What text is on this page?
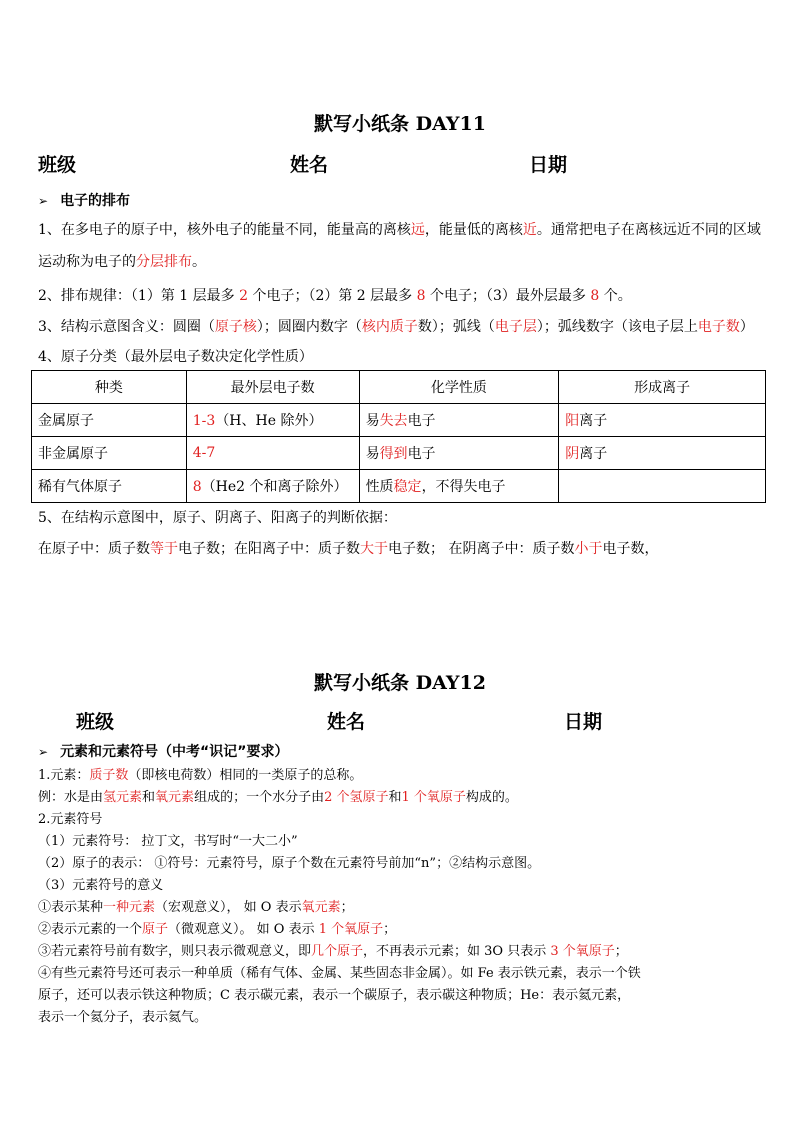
默写小纸条 DAY11
班级	姓名	日期
➢ 电子的排布
1、在多电子的原子中，核外电子的能量不同，能量高的离核远，能量低的离核近。通常把电子在离核远近不同的区域
运动称为电子的分层排布。
2、排布规律：（1）第 1 层最多 2 个电子；（2）第 2 层最多 8 个电子；（3）最外层最多 8 个。
3、结构示意图含义：圆圈（原子核）；圆圈内数字（核内质子数）；弧线（电子层）；弧线数字（该电子层上电子数）
4、原子分类（最外层电子数决定化学性质）
种类	最外层电子数	化学性质	形成离子
金属原子	1-3（H、He 除外）	易失去电子	阳离子
非金属原子	4-7	易得到电子	阴离子
稀有气体原子	8（He2 个和离子除外）	性质稳定，不得失电子	
5、在结构示意图中，原子、阴离子、阳离子的判断依据：
在原子中：质子数等于电子数；在阳离子中：质子数大于电子数； 在阴离子中：质子数小于电子数，
默写小纸条 DAY12
班级	姓名	日期
➢ 元素和元素符号（中考“识记”要求）
1.元素：质子数（即核电荷数）相同的一类原子的总称。
例：水是由氢元素和氧元素组成的；一个水分子由2 个氢原子和1 个氧原子构成的。
2.元素符号
（1）元素符号： 拉丁文，书写时“一大二小”
（2）原子的表示： ①符号：元素符号，原子个数在元素符号前加“n”；②结构示意图。
（3）元素符号的意义
①表示某种一种元素（宏观意义）， 如 O 表示氧元素；
②表示元素的一个原子（微观意义）。 如 O 表示 1 个氧原子；
③若元素符号前有数字，则只表示微观意义，即几个原子，不再表示元素；如 3O 只表示 3 个氧原子；
④有些元素符号还可表示一种单质（稀有气体、金属、某些固态非金属）。如 Fe 表示铁元素，表示一个铁
原子，还可以表示铁这种物质；C 表示碳元素，表示一个碳原子，表示碳这种物质；He：表示氦元素，
表示一个氦分子，表示氦气。
